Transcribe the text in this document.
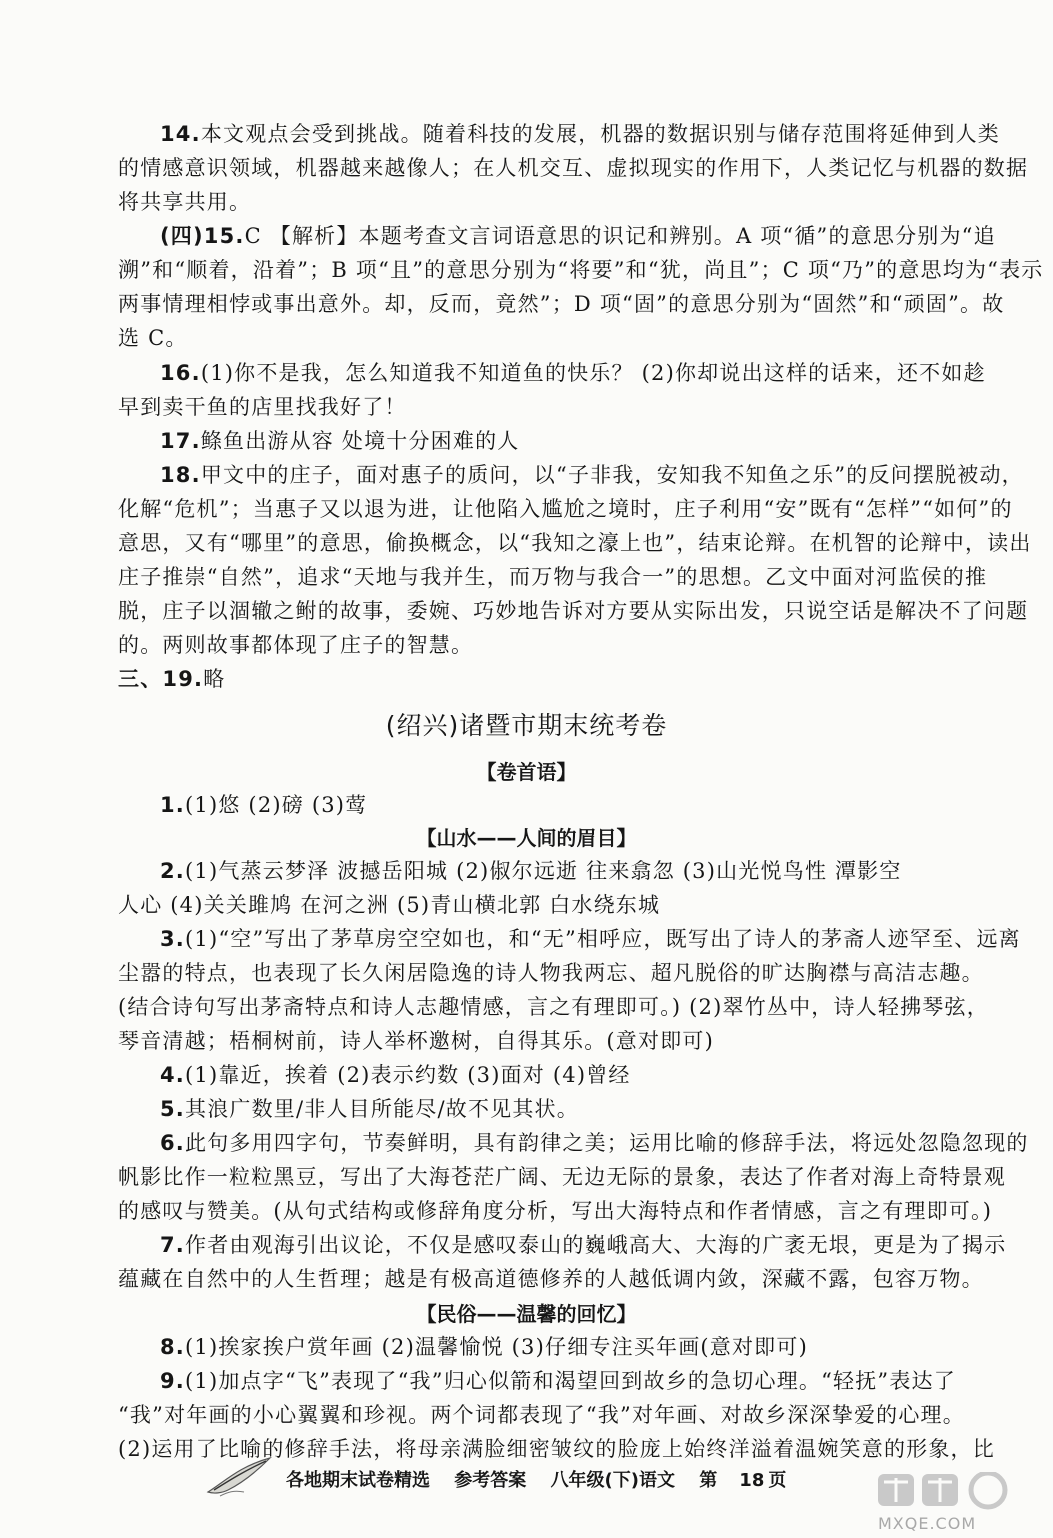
14.本文观点会受到挑战。随着科技的发展，机器的数据识别与储存范围将延伸到人类
的情感意识领域，机器越来越像人；在人机交互、虚拟现实的作用下，人类记忆与机器的数据
将共享共用。
(四)15.C 【解析】本题考查文言词语意思的识记和辨别。A 项“循”的意思分别为“追
溯”和“顺着，沿着”；B 项“且”的意思分别为“将要”和“犹，尚且”；C 项“乃”的意思均为“表示
两事情理相悖或事出意外。却，反而，竟然”；D 项“固”的意思分别为“固然”和“顽固”。故
选 C。
16.(1)你不是我，怎么知道我不知道鱼的快乐？ (2)你却说出这样的话来，还不如趁
早到卖干鱼的店里找我好了！
17.鲦鱼出游从容 处境十分困难的人
18.甲文中的庄子，面对惠子的质问，以“子非我，安知我不知鱼之乐”的反问摆脱被动，
化解“危机”；当惠子又以退为进，让他陷入尴尬之境时，庄子利用“安”既有“怎样”“如何”的
意思，又有“哪里”的意思，偷换概念，以“我知之濠上也”，结束论辩。在机智的论辩中，读出
庄子推崇“自然”，追求“天地与我并生，而万物与我合一”的思想。乙文中面对河监侯的推
脱，庄子以涸辙之鲋的故事，委婉、巧妙地告诉对方要从实际出发，只说空话是解决不了问题
的。两则故事都体现了庄子的智慧。
三、19.略
(绍兴)诸暨市期末统考卷
【卷首语】
1.(1)悠 (2)磅 (3)莺
【山水——人间的眉目】
2.(1)气蒸云梦泽 波撼岳阳城 (2)俶尔远逝 往来翕忽 (3)山光悦鸟性 潭影空
人心 (4)关关雎鸠 在河之洲 (5)青山横北郭 白水绕东城
3.(1)“空”写出了茅草房空空如也，和“无”相呼应，既写出了诗人的茅斋人迹罕至、远离
尘嚣的特点，也表现了长久闲居隐逸的诗人物我两忘、超凡脱俗的旷达胸襟与高洁志趣。
(结合诗句写出茅斋特点和诗人志趣情感，言之有理即可。) (2)翠竹丛中，诗人轻拂琴弦，
琴音清越；梧桐树前，诗人举杯邀树，自得其乐。(意对即可)
4.(1)靠近，挨着 (2)表示约数 (3)面对 (4)曾经
5.其浪广数里/非人目所能尽/故不见其状。
6.此句多用四字句，节奏鲜明，具有韵律之美；运用比喻的修辞手法，将远处忽隐忽现的
帆影比作一粒粒黑豆，写出了大海苍茫广阔、无边无际的景象，表达了作者对海上奇特景观
的感叹与赞美。(从句式结构或修辞角度分析，写出大海特点和作者情感，言之有理即可。)
7.作者由观海引出议论，不仅是感叹泰山的巍峨高大、大海的广袤无垠，更是为了揭示
蕴藏在自然中的人生哲理；越是有极高道德修养的人越低调内敛，深藏不露，包容万物。
【民俗——温馨的回忆】
8.(1)挨家挨户赏年画 (2)温馨愉悦 (3)仔细专注买年画(意对即可)
9.(1)加点字“飞”表现了“我”归心似箭和渴望回到故乡的急切心理。“轻抚”表达了
“我”对年画的小心翼翼和珍视。两个词都表现了“我”对年画、对故乡深深挚爱的心理。
(2)运用了比喻的修辞手法，将母亲满脸细密皱纹的脸庞上始终洋溢着温婉笑意的形象，比
各地期末试卷精选 参考答案 八年级(下)语文 第 18 页
MXQE.COM
